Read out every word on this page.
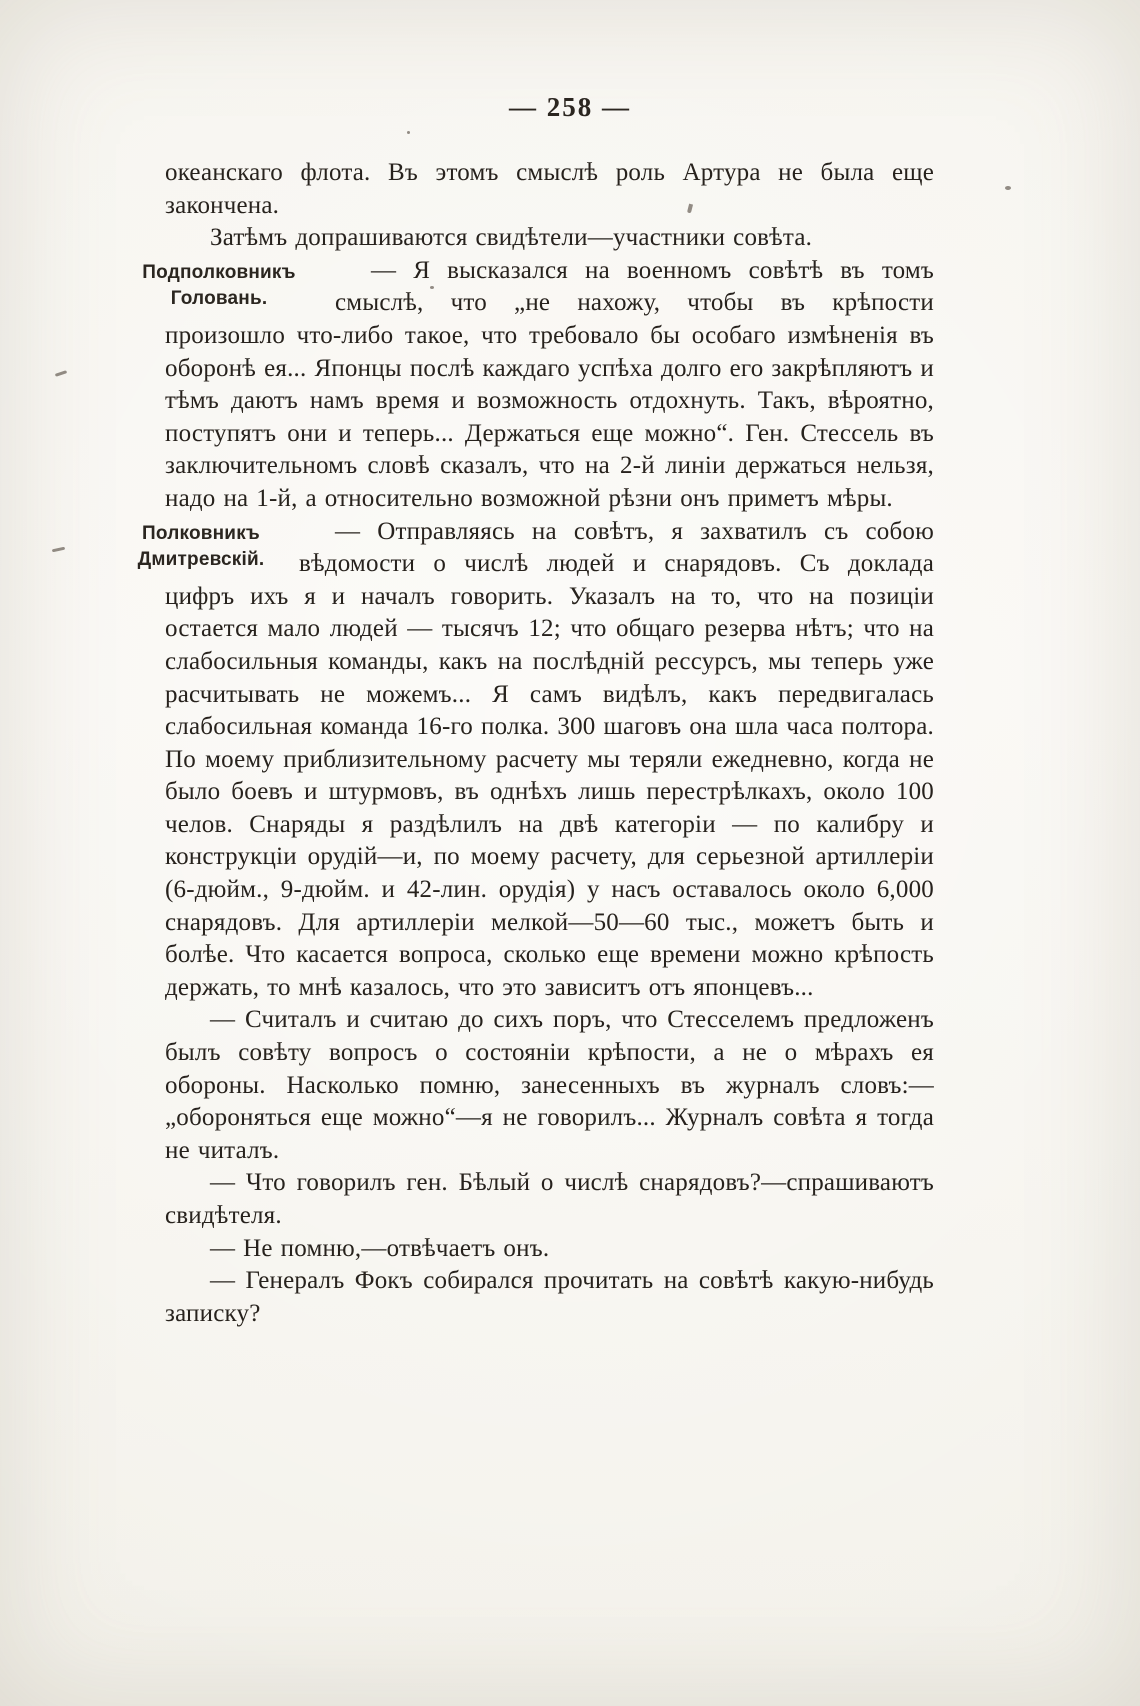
— 258 —

океанскаго флота. Въ этомъ смыслѣ роль Артура не была еще закончена.

Затѣмъ допрашиваются свидѣтели—участники совѣта.

Подполковникъ
Головань.

— Я высказался на военномъ совѣтѣ въ томъ смыслѣ, что „не нахожу, чтобы въ крѣпости произошло что-либо такое, что требовало бы особаго измѣненія въ оборонѣ ея... Японцы послѣ каждаго успѣха долго его закрѣпляютъ и тѣмъ даютъ намъ время и возможность отдохнуть. Такъ, вѣроятно, поступятъ они и теперь... Держаться еще можно“. Ген. Стессель въ заключительномъ словѣ сказалъ, что на 2-й линіи держаться нельзя, надо на 1-й, а относительно возможной рѣзни онъ приметъ мѣры.

Полковникъ
Дмитревскій.

— Отправляясь на совѣтъ, я захватилъ съ собою вѣдомости о числѣ людей и снарядовъ. Съ доклада цифръ ихъ я и началъ говорить. Указалъ на то, что на позиціи остается мало людей — тысячъ 12; что общаго резерва нѣтъ; что на слабосильныя команды, какъ на послѣдній рессурсъ, мы теперь уже расчитывать не можемъ... Я самъ видѣлъ, какъ передвигалась слабосильная команда 16-го полка. 300 шаговъ она шла часа полтора. По моему приблизительному расчету мы теряли ежедневно, когда не было боевъ и штурмовъ, въ однѣхъ лишь перестрѣлкахъ, около 100 челов. Снаряды я раздѣлилъ на двѣ категоріи — по калибру и конструкціи орудій—и, по моему расчету, для серьезной артиллеріи (6-дюйм., 9-дюйм. и 42-лин. орудія) у насъ оставалось около 6,000 снарядовъ. Для артиллеріи мелкой—50—60 тыс., можетъ быть и болѣе. Что касается вопроса, сколько еще времени можно крѣпость держать, то мнѣ казалось, что это зависитъ отъ японцевъ...

— Считалъ и считаю до сихъ поръ, что Стесселемъ предложенъ былъ совѣту вопросъ о состояніи крѣпости, а не о мѣрахъ ея обороны. Насколько помню, занесенныхъ въ журналъ словъ:—„обороняться еще можно“—я не говорилъ... Журналъ совѣта я тогда не читалъ.

— Что говорилъ ген. Бѣлый о числѣ снарядовъ?—спрашиваютъ свидѣтеля.

— Не помню,—отвѣчаетъ онъ.

— Генералъ Фокъ собирался прочитать на совѣтѣ какую-нибудь записку?
